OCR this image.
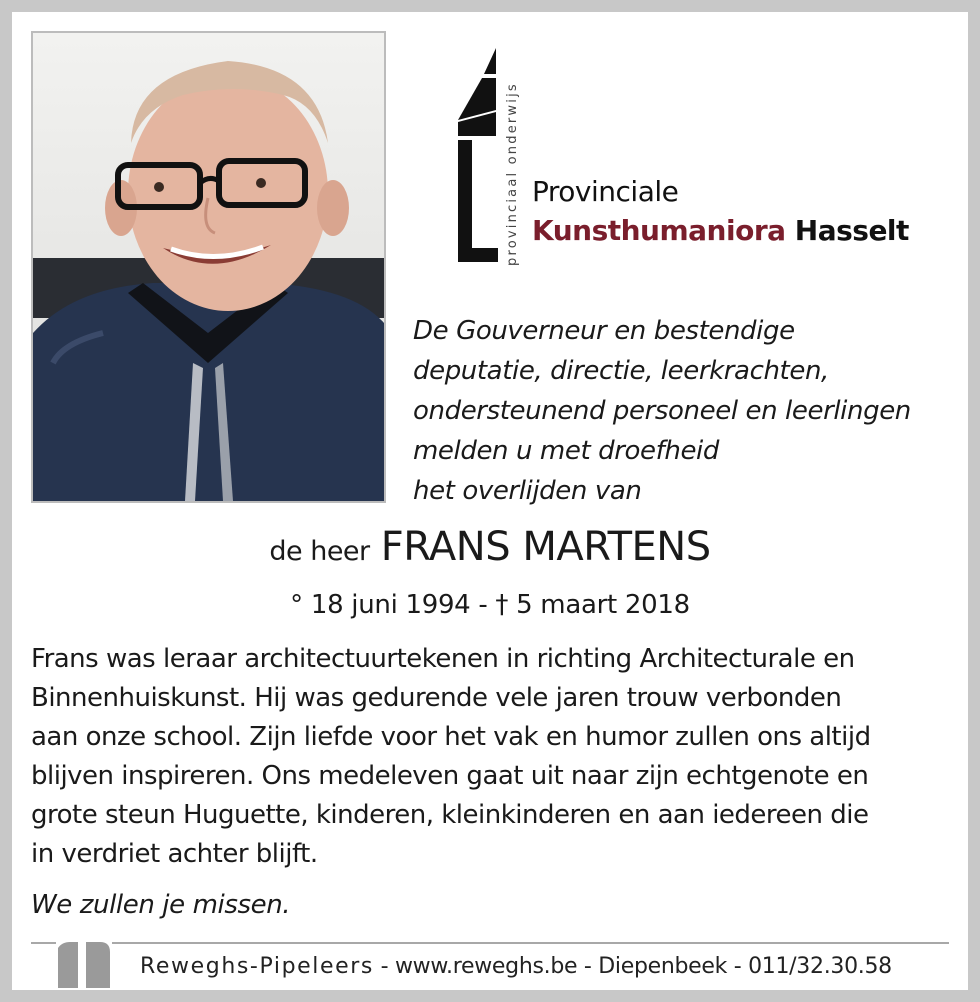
provinciaal onderwijs Provinciale
Kunsthumaniora Hasselt
De Gouverneur en bestendige
deputatie, directie, leerkrachten,
ondersteunend personeel en leerlingen
melden u met droefheid
het overlijden van
de heer FRANS MARTENS
° 18 juni 1994 - † 5 maart 2018
Frans was leraar architectuurtekenen in richting Architecturale en
Binnenhuiskunst. Hij was gedurende vele jaren trouw verbonden
aan onze school. Zijn liefde voor het vak en humor zullen ons altijd
blijven inspireren. Ons medeleven gaat uit naar zijn echtgenote en
grote steun Huguette, kinderen, kleinkinderen en aan iedereen die
in verdriet achter blijft.
We zullen je missen.
Reweghs-Pipeleers - www.reweghs.be - Diepenbeek - 011/32.30.58
